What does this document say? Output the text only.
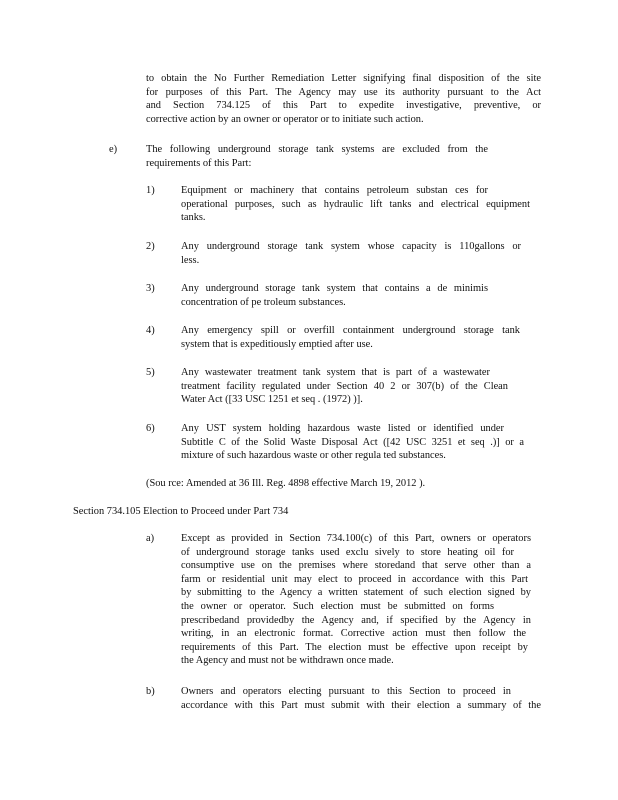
to obtain the No Further Remediation Letter signifying final disposition of the site
for purposes of this Part. The Agency may use its authority pursuant to the Act
and Section 734.125 of this Part to expedite investigative, preventive, or
corrective action by an owner or operator or to initiate such action.
e)	The following underground storage tank systems are excluded from the
requirements of this Part:
1)	Equipment or machinery that contains petroleum substan ces for
operational purposes, such as hydraulic lift tanks and electrical equipment
tanks.
2)	Any underground storage tank system whose capacity is 110gallons or
less.
3)	Any underground storage tank system that contains a de minimis
concentration of pe troleum substances.
4)	Any emergency spill or overfill containment underground storage tank
system that is expeditiously emptied after use.
5)	Any wastewater treatment tank system that is part of a wastewater
treatment facility regulated under Section 40 2 or 307(b) of the Clean
Water Act ([33 USC 1251 et seq . (1972) )].
6)	Any UST system holding hazardous waste listed or identified under
Subtitle C of the Solid Waste Disposal Act ([42 USC 3251 et seq .)] or a
mixture of such hazardous waste or other regula ted substances.
(Sou rce: Amended at 36 Ill. Reg. 4898 effective March 19, 2012 ).
Section 734.105 Election to Proceed under Part 734
a)	Except as provided in Section 734.100(c) of this Part, owners or operators
of underground storage tanks used exclu sively to store heating oil for
consumptive use on the premises where storedand that serve other than a
farm or residential unit may elect to proceed in accordance with this Part
by submitting to the Agency a written statement of such election signed by
the owner or operator. Such election must be submitted on forms
prescribedand providedby the Agency and, if specified by the Agency in
writing, in an electronic format. Corrective action must then follow the
requirements of this Part. The election must be effective upon receipt by
the Agency and must not be withdrawn once made.
b)	Owners and operators electing pursuant to this Section to proceed in
accordance with this Part must submit with their election a summary of the
